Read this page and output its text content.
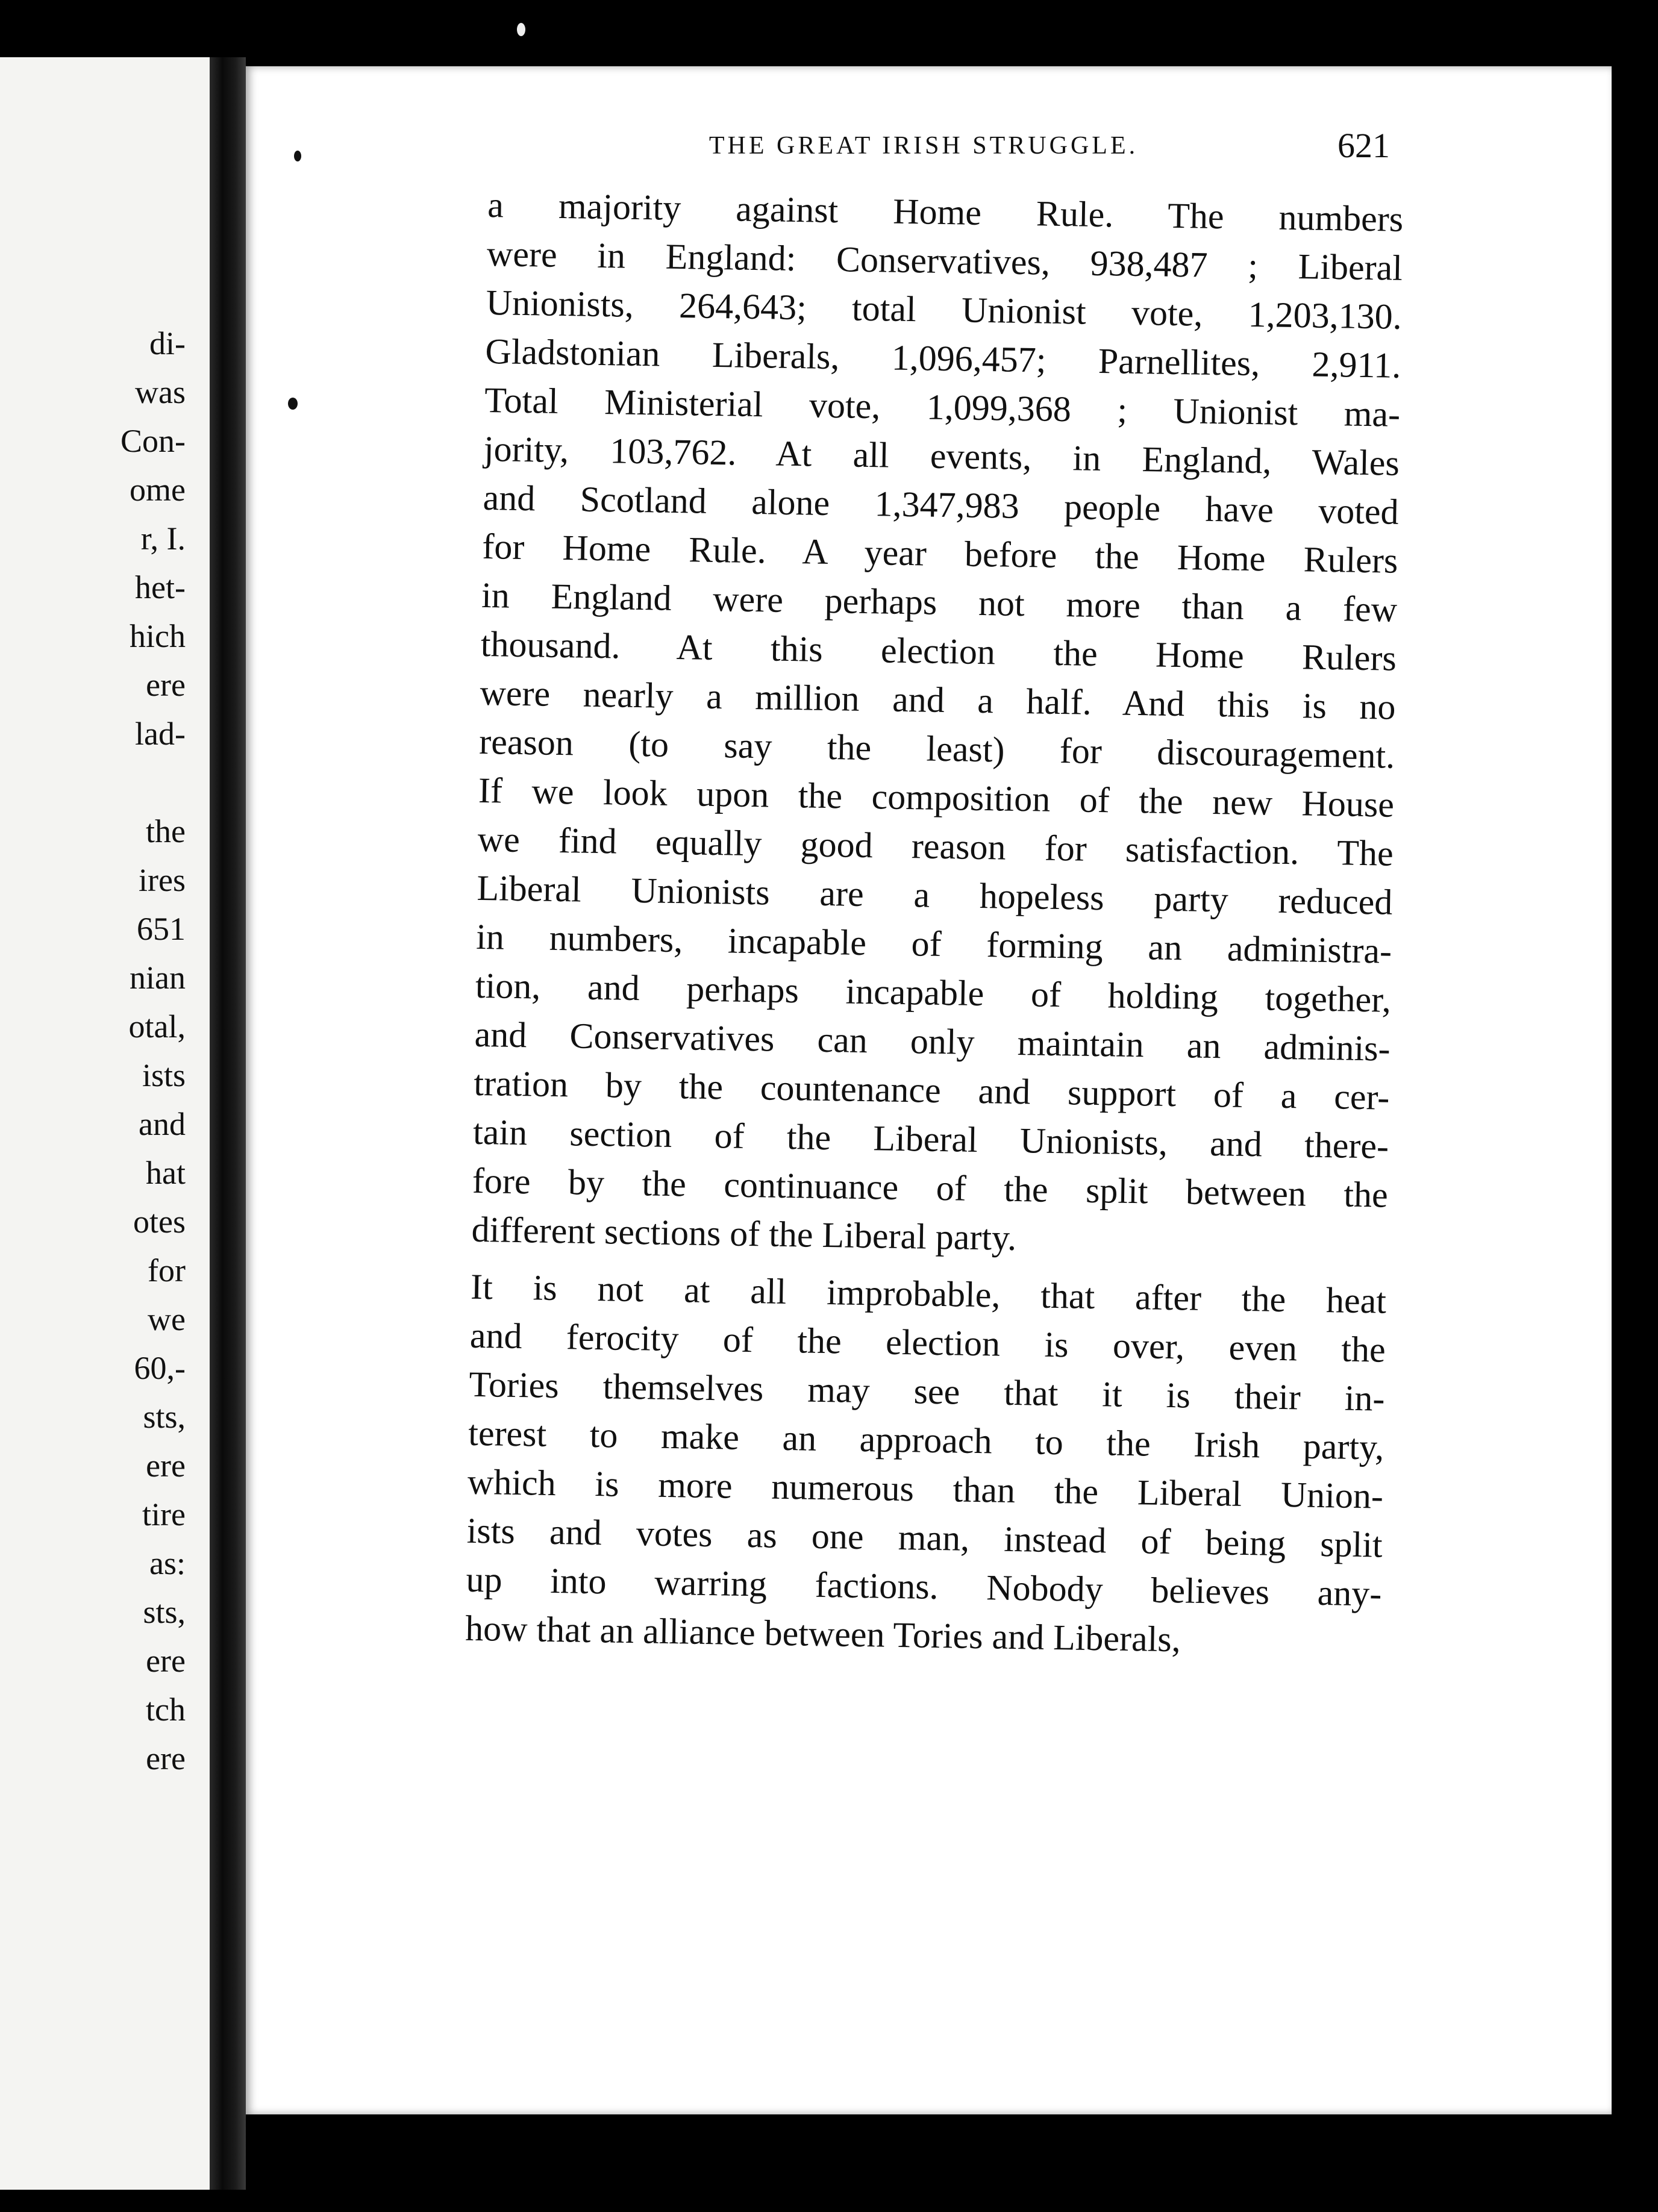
di-

was

Con-

ome

r, I.

het-

hich

ere

lad-

the

ires

651

nian

otal,

ists

and

hat

otes

for

we

60,-

sts,

ere

tire

as:

sts,

ere

tch

ere

THE GREAT IRISH STRUGGLE.	621

a majority against Home Rule. The numbers
were in England: Conservatives, 938,487 ; Liberal
Unionists, 264,643; total Unionist vote, 1,203,130.
Gladstonian Liberals, 1,096,457; Parnellites, 2,911.
Total Ministerial vote, 1,099,368 ; Unionist ma-
jority, 103,762. At all events, in England, Wales
and Scotland alone 1,347,983 people have voted
for Home Rule. A year before the Home Rulers
in England were perhaps not more than a few
thousand. At this election the Home Rulers
were nearly a million and a half. And this is no
reason (to say the least) for discouragement.
If we look upon the composition of the new House
we find equally good reason for satisfaction. The
Liberal Unionists are a hopeless party reduced
in numbers, incapable of forming an administra-
tion, and perhaps incapable of holding together,
and Conservatives can only maintain an adminis-
tration by the countenance and support of a cer-
tain section of the Liberal Unionists, and there-
fore by the continuance of the split between the
different sections of the Liberal party.

It is not at all improbable, that after the heat
and ferocity of the election is over, even the
Tories themselves may see that it is their in-
terest to make an approach to the Irish party,
which is more numerous than the Liberal Union-
ists and votes as one man, instead of being split
up into warring factions. Nobody believes any-
how that an alliance between Tories and Liberals,
